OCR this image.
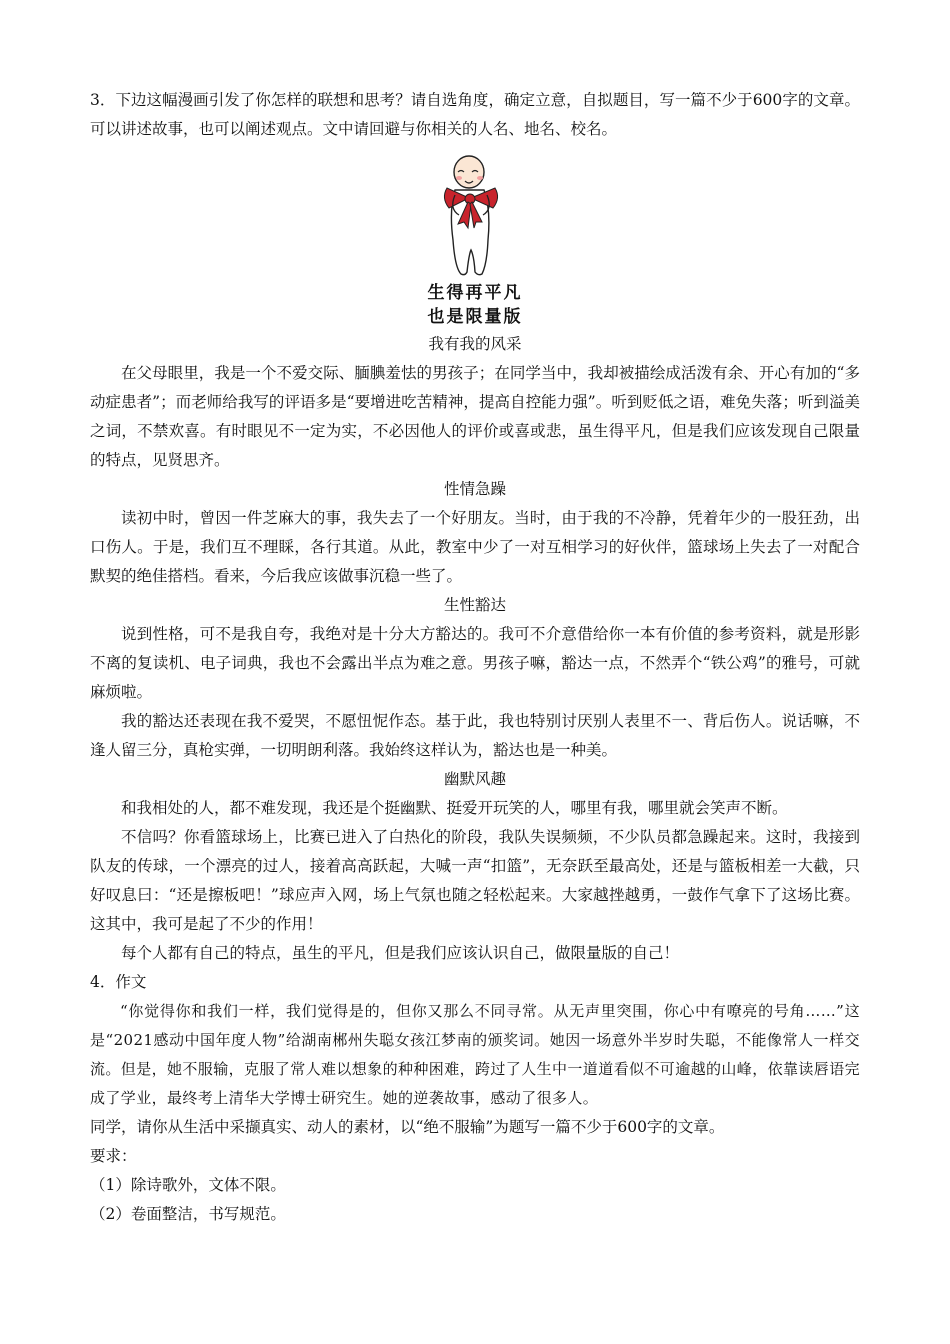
3．下边这幅漫画引发了你怎样的联想和思考？请自选角度，确定立意，自拟题目，写一篇不少于600字的文章。可以讲述故事，也可以阐述观点。文中请回避与你相关的人名、地名、校名。

生得再平凡
也是限量版

我有我的风采

在父母眼里，我是一个不爱交际、腼腆羞怯的男孩子；在同学当中，我却被描绘成活泼有余、开心有加的“多动症患者”；而老师给我写的评语多是“要增进吃苦精神，提高自控能力强”。听到贬低之语，难免失落；听到溢美之词，不禁欢喜。有时眼见不一定为实，不必因他人的评价或喜或悲，虽生得平凡，但是我们应该发现自己限量的特点，见贤思齐。

性情急躁

读初中时，曾因一件芝麻大的事，我失去了一个好朋友。当时，由于我的不冷静，凭着年少的一股狂劲，出口伤人。于是，我们互不理睬，各行其道。从此，教室中少了一对互相学习的好伙伴，篮球场上失去了一对配合默契的绝佳搭档。看来，今后我应该做事沉稳一些了。

生性豁达

说到性格，可不是我自夸，我绝对是十分大方豁达的。我可不介意借给你一本有价值的参考资料，就是形影不离的复读机、电子词典，我也不会露出半点为难之意。男孩子嘛，豁达一点，不然弄个“铁公鸡”的雅号，可就麻烦啦。

我的豁达还表现在我不爱哭，不愿忸怩作态。基于此，我也特别讨厌别人表里不一、背后伤人。说话嘛，不逢人留三分，真枪实弹，一切明朗利落。我始终这样认为，豁达也是一种美。

幽默风趣

和我相处的人，都不难发现，我还是个挺幽默、挺爱开玩笑的人，哪里有我，哪里就会笑声不断。

不信吗？你看篮球场上，比赛已进入了白热化的阶段，我队失误频频，不少队员都急躁起来。这时，我接到队友的传球，一个漂亮的过人，接着高高跃起，大喊一声“扣篮”，无奈跃至最高处，还是与篮板相差一大截，只好叹息曰：“还是擦板吧！”球应声入网，场上气氛也随之轻松起来。大家越挫越勇，一鼓作气拿下了这场比赛。这其中，我可是起了不少的作用！

每个人都有自己的特点，虽生的平凡，但是我们应该认识自己，做限量版的自己！

4．作文

“你觉得你和我们一样，我们觉得是的，但你又那么不同寻常。从无声里突围，你心中有嘹亮的号角……”这是“2021感动中国年度人物”给湖南郴州失聪女孩江梦南的颁奖词。她因一场意外半岁时失聪，不能像常人一样交流。但是，她不服输，克服了常人难以想象的种种困难，跨过了人生中一道道看似不可逾越的山峰，依靠读唇语完成了学业，最终考上清华大学博士研究生。她的逆袭故事，感动了很多人。

同学，请你从生活中采撷真实、动人的素材，以“绝不服输”为题写一篇不少于600字的文章。

要求：

（1）除诗歌外，文体不限。

（2）卷面整洁，书写规范。
